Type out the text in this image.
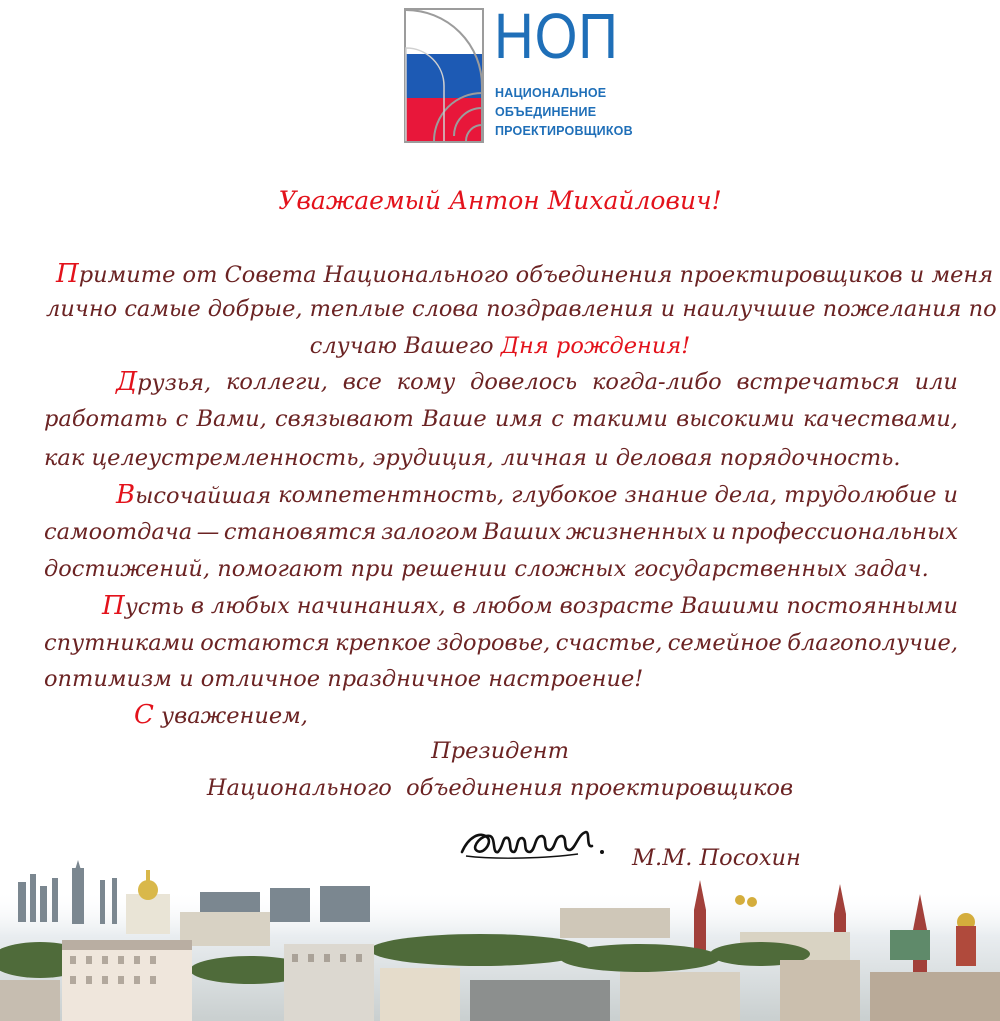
НОП
НАЦИОНАЛЬНОЕ
ОБЪЕДИНЕНИЕ
ПРОЕКТИРОВЩИКОВ
Уважаемый Антон Михайлович!
Примите от Совета Национального объединения проектировщиков и меня
лично самые добрые, теплые слова поздравления и наилучшие пожелания по
случаю Вашего Дня рождения!
Друзья, коллеги, все кому довелось когда-либо встречаться или
работать с Вами, связывают Ваше имя с такими высокими качествами,
как целеустремленность, эрудиция, личная и деловая порядочность.
Высочайшая компетентность, глубокое знание дела, трудолюбие и
самоотдача — становятся залогом Ваших жизненных и профессиональных
достижений, помогают при решении сложных государственных задач.
Пусть в любых начинаниях, в любом возрасте Вашими постоянными
спутниками остаются крепкое здоровье, счастье, семейное благополучие,
оптимизм и отличное праздничное настроение!
С уважением,
Президент
Национального  объединения проектировщиков
М.М. Посохин
